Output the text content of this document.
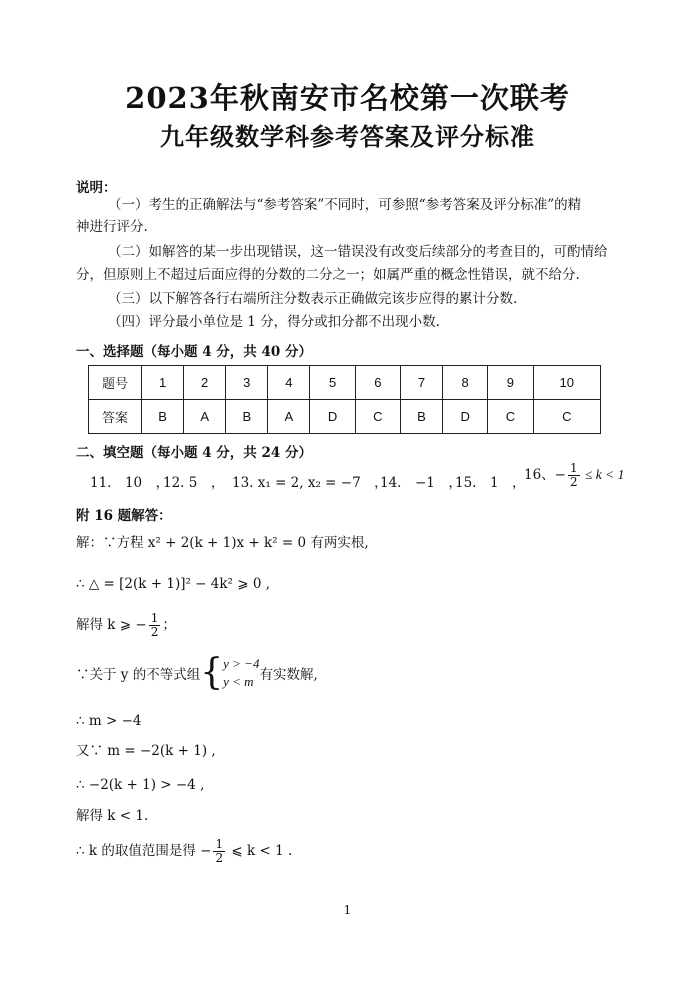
2023年秋南安市名校第一次联考
九年级数学科参考答案及评分标准
说明：
（一）考生的正确解法与“参考答案”不同时，可参照“参考答案及评分标准”的精
神进行评分.
（二）如解答的某一步出现错误，这一错误没有改变后续部分的考查目的，可酌情给
分，但原则上不超过后面应得的分数的二分之一；如属严重的概念性错误，就不给分.
（三）以下解答各行右端所注分数表示正确做完该步应得的累计分数.
（四）评分最小单位是 1 分，得分或扣分都不出现小数.
一、选择题（每小题 4 分，共 40 分）
题号	1	2	3	4	5	6	7	8	9	10
答案	B	A	B	A	D	C	B	D	C	C
二、填空题（每小题 4 分，共 24 分）
11.　10　，
12. 5　， 13. x₁ = 2, x₂ = −7　，
14.　−1　，
15.　1　，
16、− $\frac{1}{2} \le k < 1$
附 16 题解答：
解：∵方程 x² + 2(k + 1)x + k² = 0 有两实根,
∴ △ = [2(k + 1)]² − 4k² ⩾ 0 ,
解得 k ⩾ − $\frac{1}{2}$ ；
∵关于 y 的不等式组{ y > −4
y < m 有实数解,
∴ m > −4
又∵ m = −2(k + 1) ,
∴ −2(k + 1) > −4 ,
解得 k < 1.
∴ k 的取值范围是得 − $\frac{1}{2}$ ⩽ k < 1 .
1
